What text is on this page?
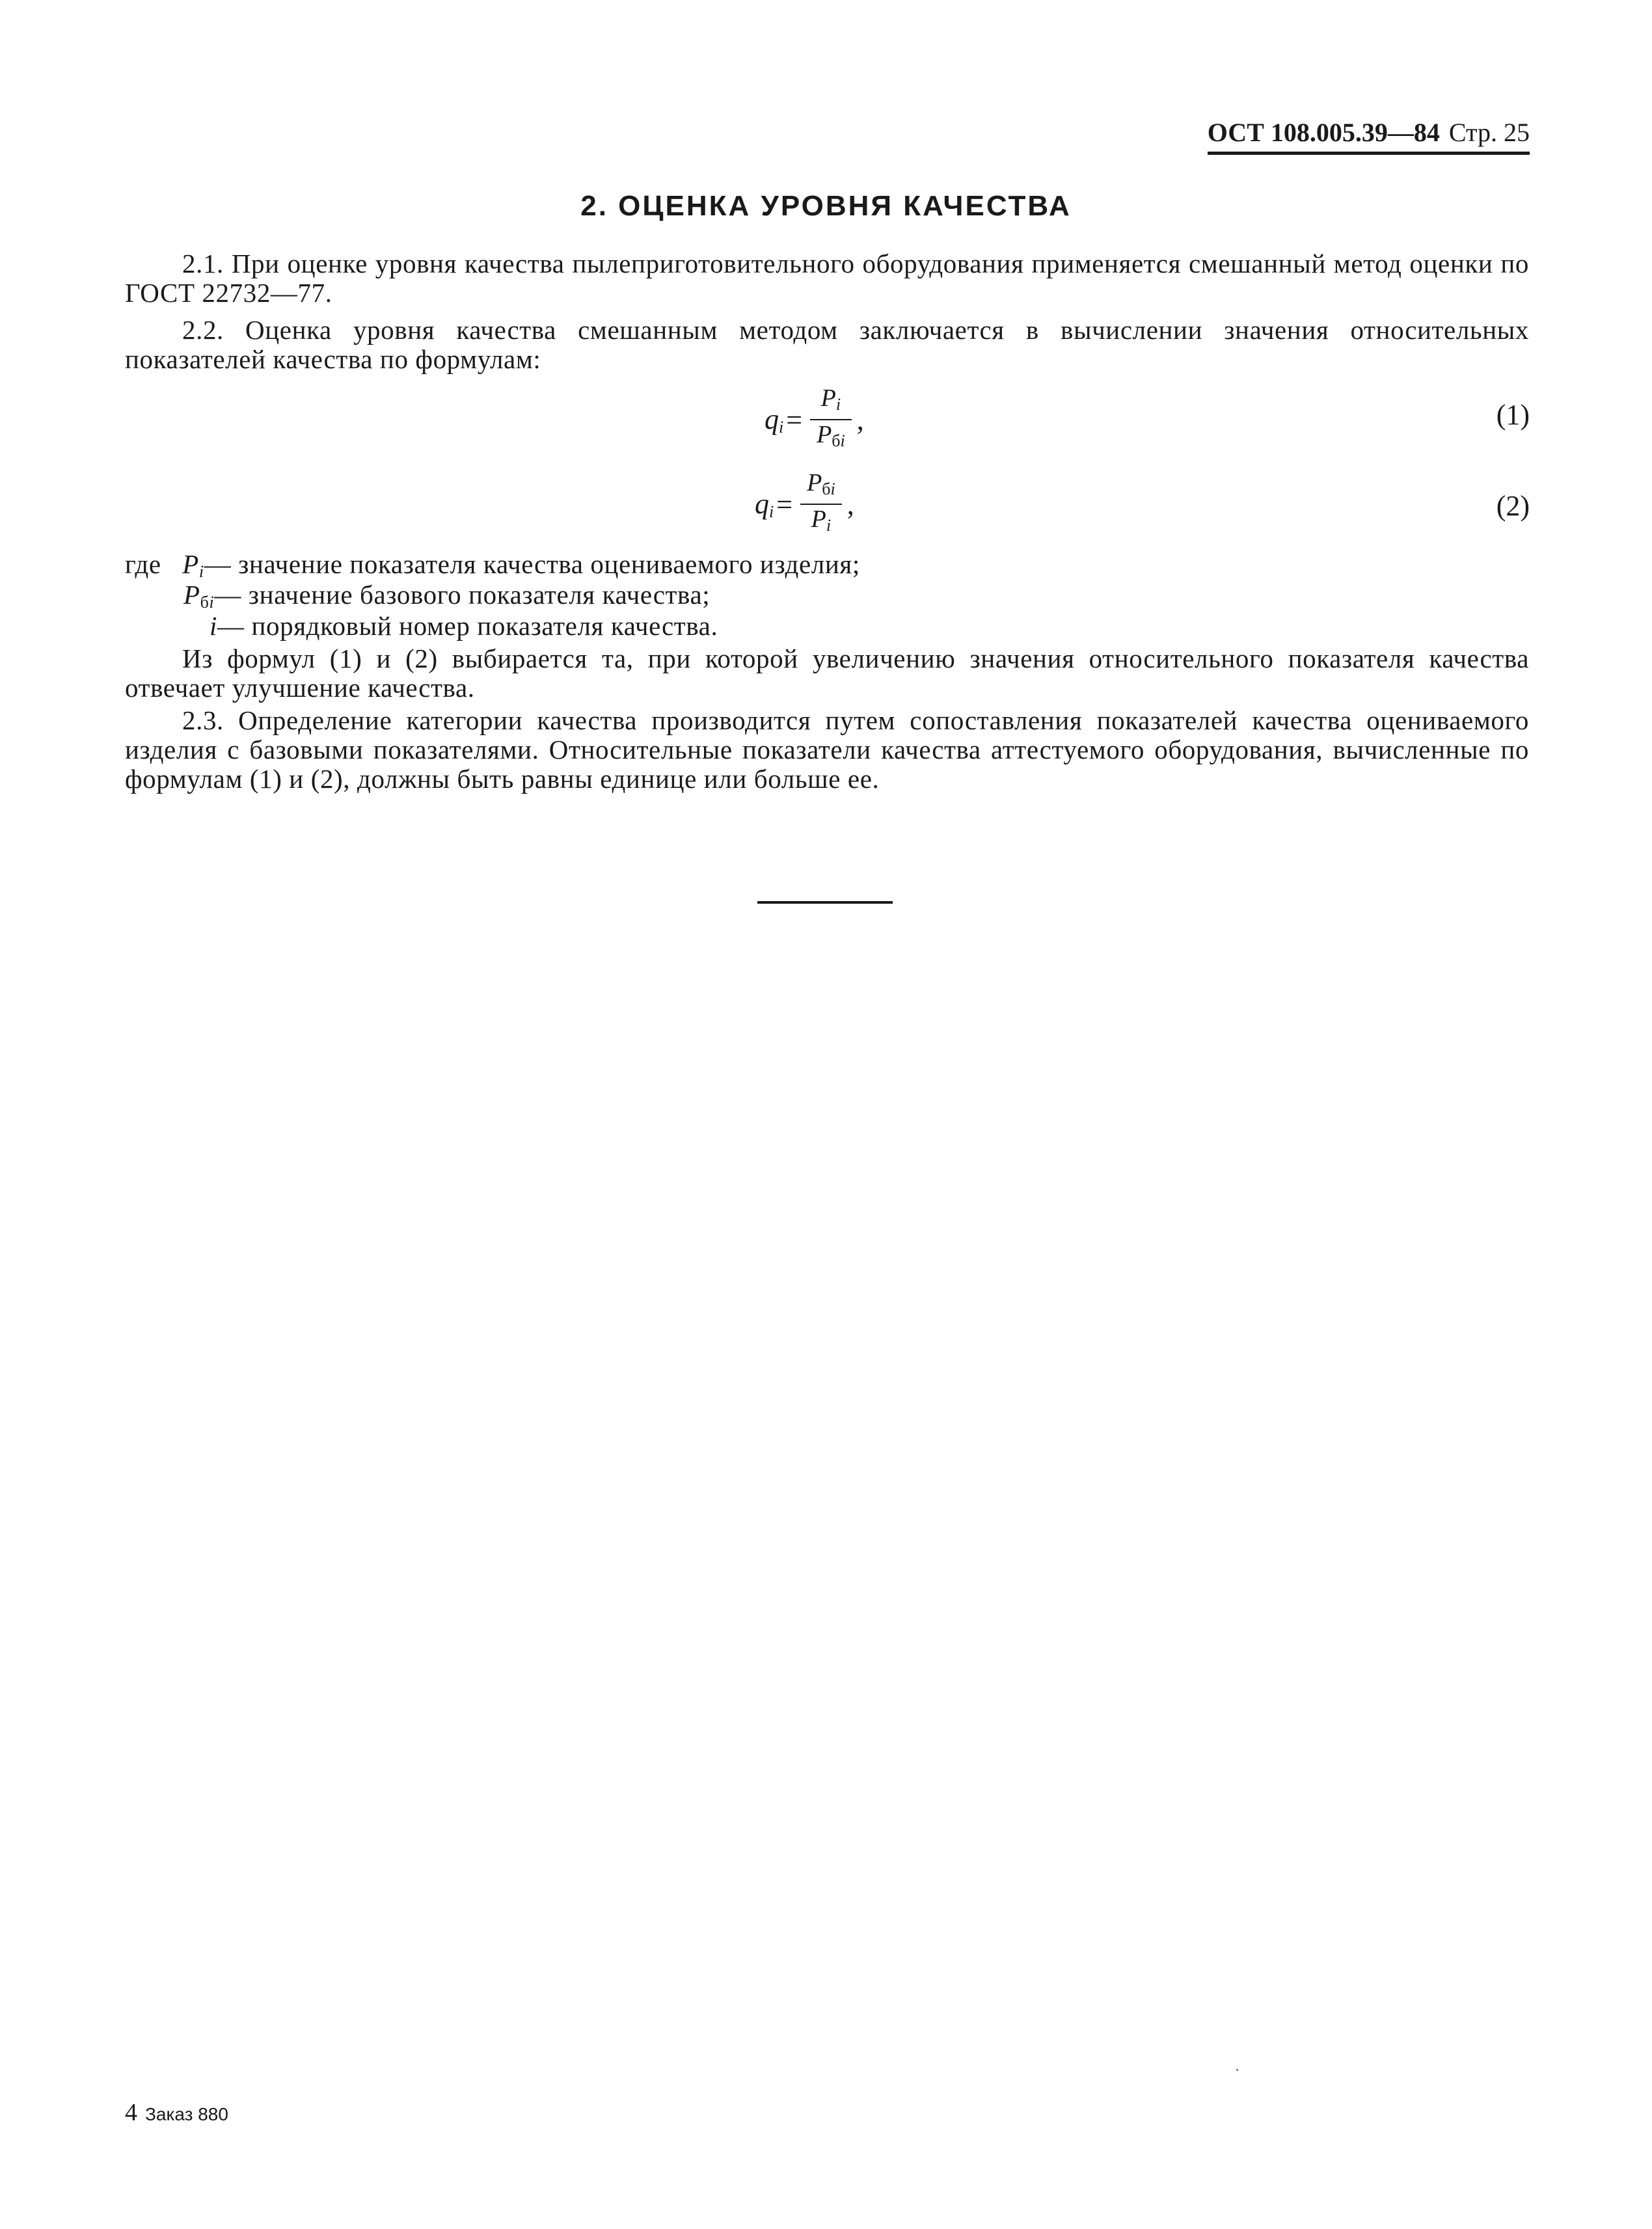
ОСТ 108.005.39—84 Стр. 25
2. ОЦЕНКА УРОВНЯ КАЧЕСТВА
2.1. При оценке уровня качества пылеприготовительного оборудования применяется смешанный метод оценки по ГОСТ 22732—77.
2.2. Оценка уровня качества смешанным методом заключается в вычислении значения относительных показателей качества по формулам:
$q_i = \frac{P_i}{P_{бi}}$ ,	(1)
$q_i = \frac{P_{бi}}{P_i}$ ,	(2)
где $P_i—$ значение показателя качества оцениваемого изделия;
$P_{бi}—$ значение базового показателя качества;
i— порядковый номер показателя качества.
Из формул (1) и (2) выбирается та, при которой увеличению значения относительного показателя качества отвечает улучшение качества.
2.3. Определение категории качества производится путем сопоставления показателей качества оцениваемого изделия с базовыми показателями. Относительные показатели качества аттестуемого оборудования, вычисленные по формулам (1) и (2), должны быть равны единице или больше ее.
4 Заказ 880
